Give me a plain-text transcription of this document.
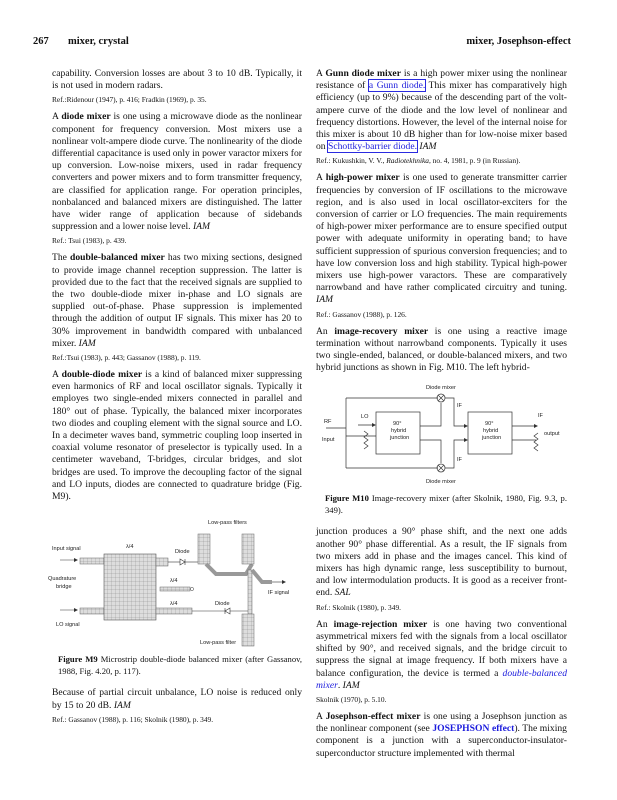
267 mixer, crystal	mixer, Josephson-effect
capability. Conversion losses are about 3 to 10 dB. Typically, it is not used in modern radars.
Ref.:Ridenour (1947), p. 416; Fradkin (1969), p. 35.
A diode mixer is one using a microwave diode as the nonlinear component for frequency conversion. Most mixers use a nonlinear volt-ampere diode curve. The nonlinearity of the diode differential capacitance is used only in power varactor mixers for up conversion. Low-noise mixers, used in radar frequency converters and power mixers and to form transmitter frequency, are classified for application range. For operation principles, nonbalanced and balanced mixers are distinguished. The latter have wider range of application because of sidebands suppression and a lower noise level. IAM
Ref.: Tsui (1983), p. 439.
The double-balanced mixer has two mixing sections, designed to provide image channel reception suppression. The latter is provided due to the fact that the received signals are supplied to the two double-diode mixer in-phase and LO signals are supplied out-of-phase. Phase suppression is implemented through the addition of output IF signals. This mixer has 20 to 30% improvement in bandwidth compared with unbalanced mixer. IAM
Ref.:Tsui (1983), p. 443; Gassanov (1988), p. 119.
A double-diode mixer is a kind of balanced mixer suppressing even harmonics of RF and local oscillator signals. Typically it employes two single-ended mixers connected in parallel and 180° out of phase. Typically, the balanced mixer incorporates two diodes and coupling element with the signal source and LO. In a decimeter waves band, symmetric coupling loop inserted in coaxial volume resonator of preselector is typically used. In a centimeter waveband, T-bridges, circular bridges, and slot bridges are used. To improve the decoupling factor of the signal and LO inputs, diodes are connected to quadrature bridge (Fig. M9).
Low-pass filters
Input signal	λ/4
Diode
Quadrature
bridge
λ/4
IF signal
λ/4	Diode
LO signal
Low-pass filter
Figure M9 Microstrip double-diode balanced mixer (after Gassanov, 1988, Fig. 4.20, p. 117).
Because of partial circuit unbalance, LO noise is reduced only by 15 to 20 dB. IAM
Ref.: Gassanov (1988), p. 116; Skolnik (1980), p. 349.
A Gunn diode mixer is a high power mixer using the nonlinear resistance of a Gunn diode. This mixer has comparatively high efficiency (up to 9%) because of the descending part of the volt-ampere curve of the diode and the low level of nonlinear and frequency distortions. However, the level of the internal noise for this mixer is about 10 dB higher than for low-noise mixer based on Schottky-barrier diode. IAM
Ref.: Kukushkin, V. V., Radiotekhnika, no. 4, 1981, p. 9 (in Russian).
A high-power mixer is one used to generate transmitter carrier frequencies by conversion of IF oscillations to the microwave region, and is also used in local oscillator-exciters for the conversion of carrier or LO frequencies. The main requirements of high-power mixer performance are to ensure specified output power with adequate uniformity in operating band; to have sufficient suppression of spurious conversion frequencies; and to have low conversion loss and high stability. Typical high-power mixers use high-power varactors. These are comparatively narrowband and have rather complicated circuitry and tuning. IAM
Ref.: Gassanov (1988), p. 126.
An image-recovery mixer is one using a reactive image termination without narrowband components. Typically it uses two single-ended, balanced, or double-balanced mixers, and two hybrid junctions as shown in Fig. M10. The left hybrid-
Diode mixer
IF
LO
RF
Input
90°
hybrid
junction
90°
hybrid
junction
IF
output
IF
Diode mixer
Figure M10 Image-recovery mixer (after Skolnik, 1980, Fig. 9.3, p. 349).
junction produces a 90° phase shift, and the next one adds another 90° phase differential. As a result, the IF signals from two mixers add in phase and the images cancel. This kind of mixers has high dynamic range, less susceptibility to burnout, and low intermodulation products. It is good as a receiver front-end. SAL
Ref.: Skolnik (1980), p. 349.
An image-rejection mixer is one having two conventional asymmetrical mixers fed with the signals from a local oscillator shifted by 90°, and received signals, and the bridge circuit to suppress the signal at image frequency. If both mixers have a balance configuration, the device is termed a double-balanced mixer. IAM
Skolnik (1970), p. 5.10.
A Josephson-effect mixer is one using a Josephson junction as the nonlinear component (see JOSEPHSON effect). The mixing component is a junction with a superconductor-insulator-superconductor structure implemented with thermal
